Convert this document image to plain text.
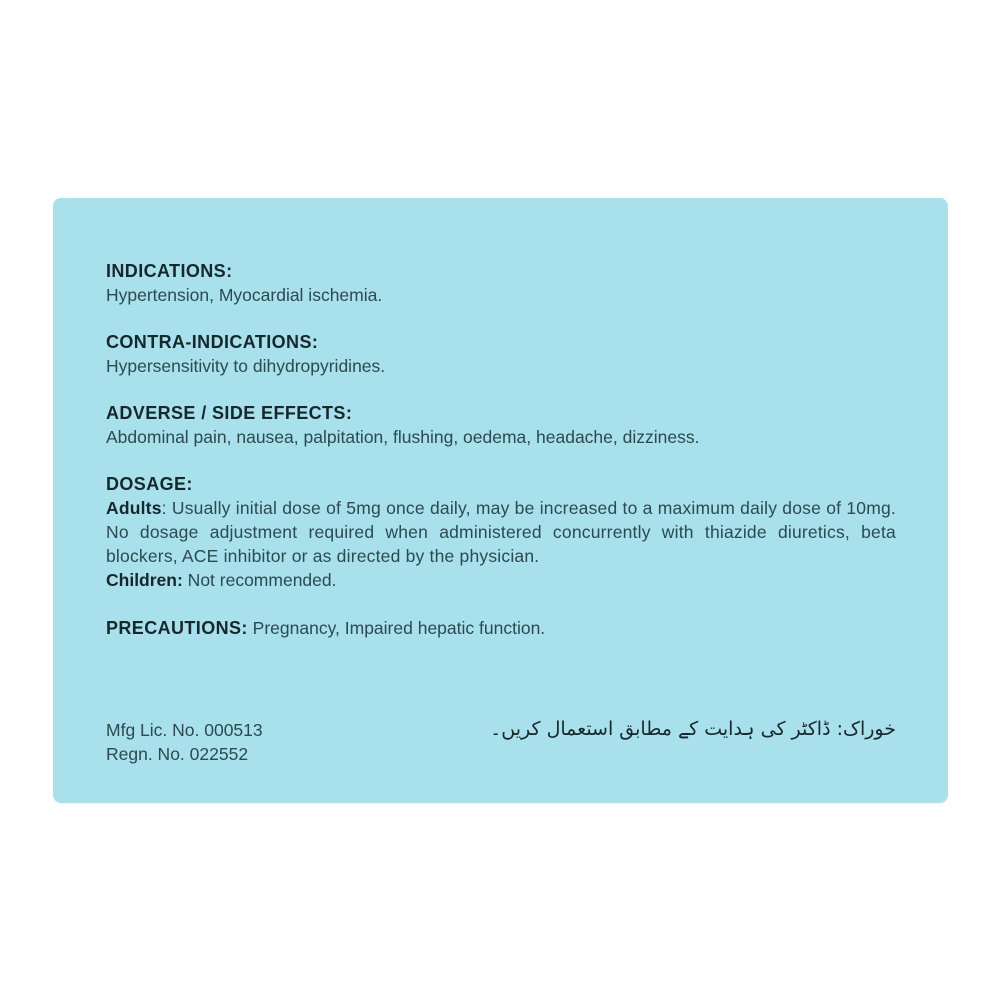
INDICATIONS:
Hypertension, Myocardial ischemia.
CONTRA-INDICATIONS:
Hypersensitivity to dihydropyridines.
ADVERSE / SIDE EFFECTS:
Abdominal pain, nausea, palpitation, flushing, oedema, headache, dizziness.
DOSAGE:
Adults: Usually initial dose of 5mg once daily, may be increased to a maximum daily dose of 10mg. No dosage adjustment required when administered concurrently with thiazide diuretics, beta blockers, ACE inhibitor or as directed by the physician.
Children: Not recommended.
PRECAUTIONS: Pregnancy, Impaired hepatic function.
Mfg Lic. No. 000513
Regn. No. 022552
خوراک: ڈاکٹر کی ہدایت کے مطابق استعمال کریں۔
